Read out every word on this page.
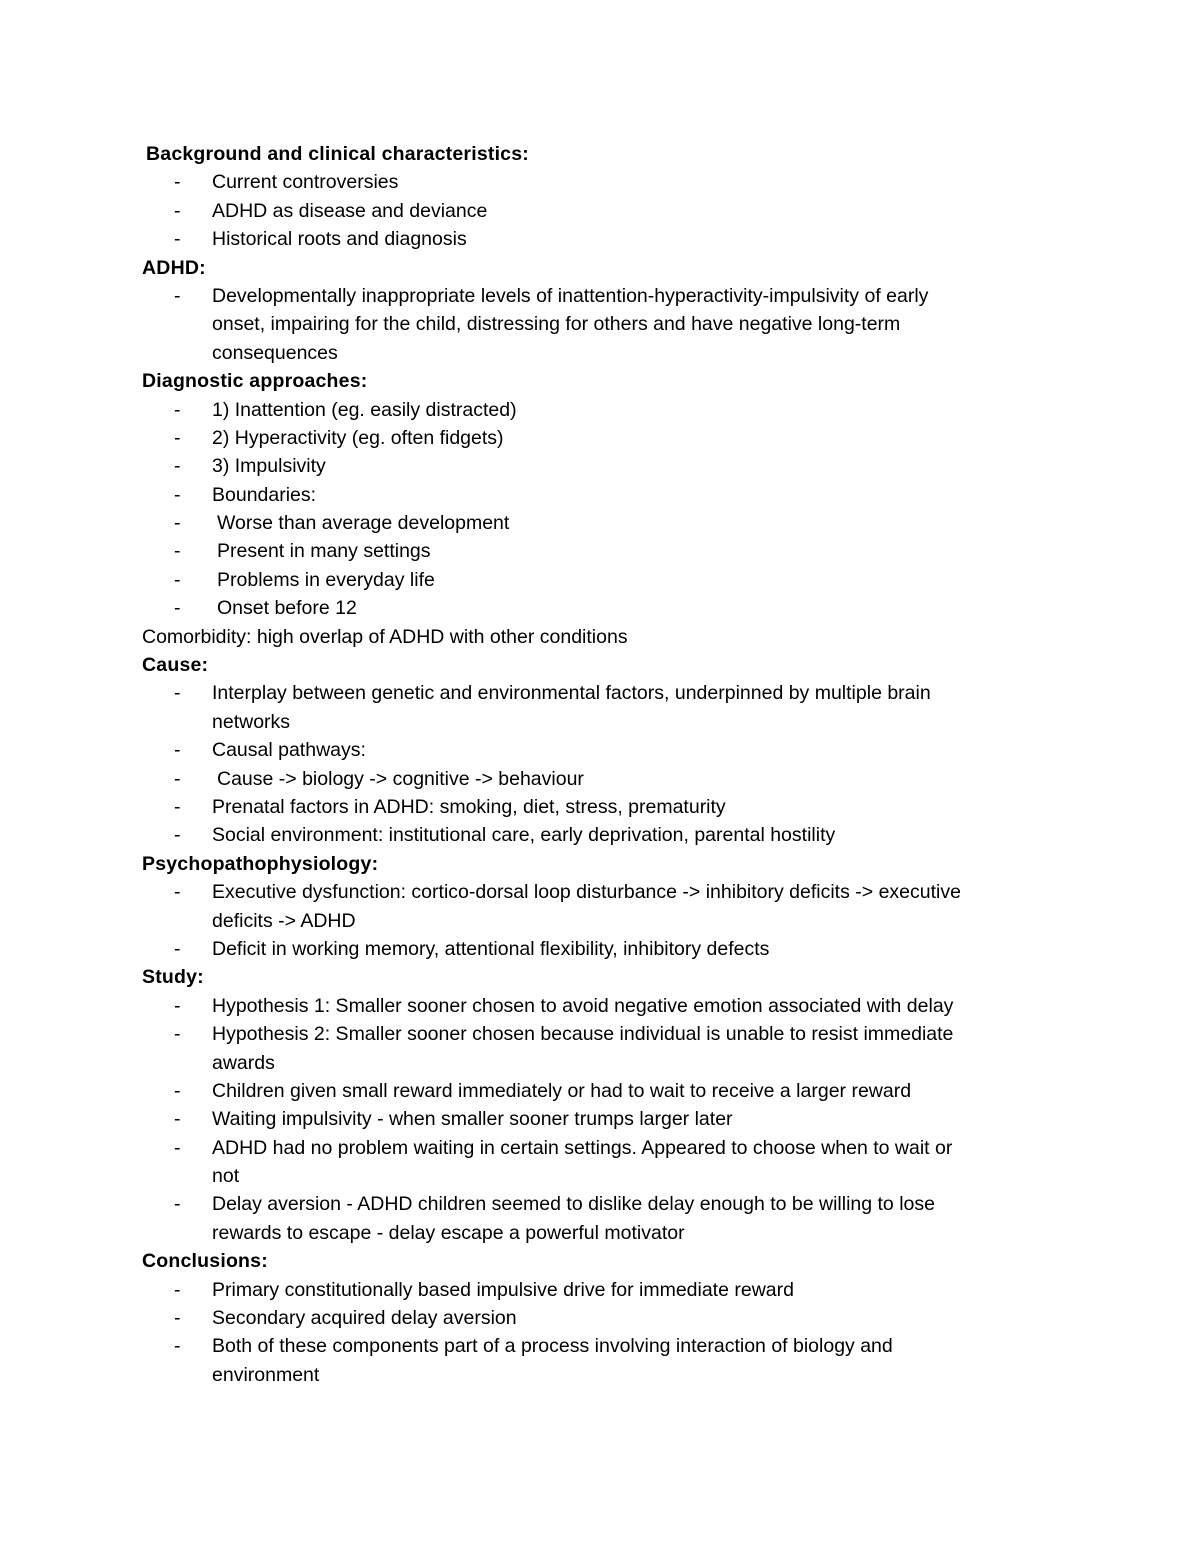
Background and clinical characteristics:
- Current controversies
- ADHD as disease and deviance
- Historical roots and diagnosis
ADHD:
- Developmentally inappropriate levels of inattention-hyperactivity-impulsivity of early
onset, impairing for the child, distressing for others and have negative long-term
consequences
Diagnostic approaches:
- 1) Inattention (eg. easily distracted)
- 2) Hyperactivity (eg. often fidgets)
- 3) Impulsivity
- Boundaries:
- Worse than average development
- Present in many settings
- Problems in everyday life
- Onset before 12
Comorbidity: high overlap of ADHD with other conditions
Cause:
- Interplay between genetic and environmental factors, underpinned by multiple brain
networks
- Causal pathways:
- Cause -> biology -> cognitive -> behaviour
- Prenatal factors in ADHD: smoking, diet, stress, prematurity
- Social environment: institutional care, early deprivation, parental hostility
Psychopathophysiology:
- Executive dysfunction: cortico-dorsal loop disturbance -> inhibitory deficits -> executive
deficits -> ADHD
- Deficit in working memory, attentional flexibility, inhibitory defects
Study:
- Hypothesis 1: Smaller sooner chosen to avoid negative emotion associated with delay
- Hypothesis 2: Smaller sooner chosen because individual is unable to resist immediate
awards
- Children given small reward immediately or had to wait to receive a larger reward
- Waiting impulsivity - when smaller sooner trumps larger later
- ADHD had no problem waiting in certain settings. Appeared to choose when to wait or
not
- Delay aversion - ADHD children seemed to dislike delay enough to be willing to lose
rewards to escape - delay escape a powerful motivator
Conclusions:
- Primary constitutionally based impulsive drive for immediate reward
- Secondary acquired delay aversion
- Both of these components part of a process involving interaction of biology and
environment
